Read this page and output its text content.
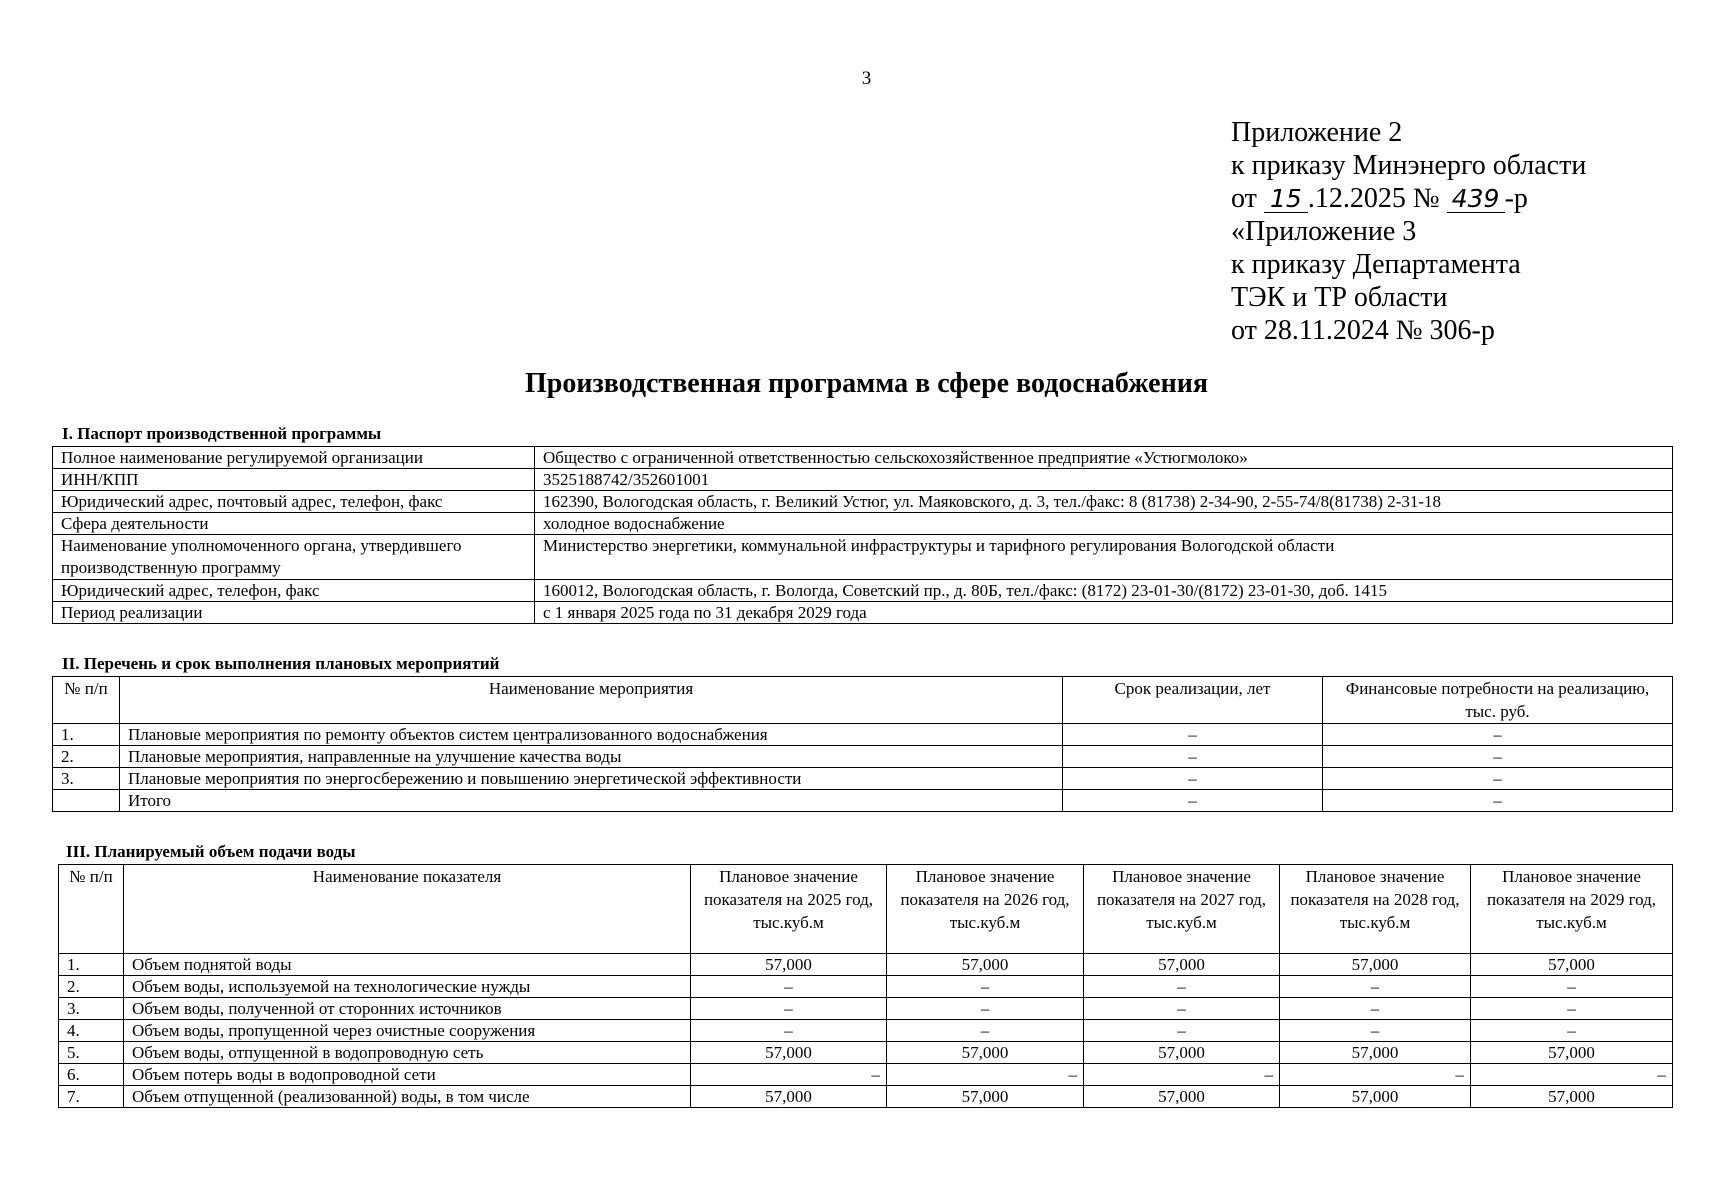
3
Приложение 2
к приказу Минэнерго области
от 15 .12.2025 № 439 -р
«Приложение 3
к приказу Департамента
ТЭК и ТР области
от 28.11.2024 № 306-р
Производственная программа в сфере водоснабжения
I. Паспорт производственной программы
Полное наименование регулируемой организации	Общество с ограниченной ответственностью сельскохозяйственное предприятие «Устюгмолоко»
ИНН/КПП	3525188742/352601001
Юридический адрес, почтовый адрес, телефон, факс	162390, Вологодская область, г. Великий Устюг, ул. Маяковского, д. 3, тел./факс: 8 (81738) 2-34-90, 2-55-74/8(81738) 2-31-18
Сфера деятельности	холодное водоснабжение
Наименование уполномоченного органа, утвердившего производственную программу	Министерство энергетики, коммунальной инфраструктуры и тарифного регулирования Вологодской области
Юридический адрес, телефон, факс	160012, Вологодская область, г. Вологда, Советский пр., д. 80Б, тел./факс: (8172) 23-01-30/(8172) 23-01-30, доб. 1415
Период реализации	с 1 января 2025 года по 31 декабря 2029 года
II. Перечень и срок выполнения плановых мероприятий
№ п/п	Наименование мероприятия	Срок реализации, лет	Финансовые потребности на реализацию, тыс. руб.
1.	Плановые мероприятия по ремонту объектов систем централизованного водоснабжения	–	–
2.	Плановые мероприятия, направленные на улучшение качества воды	–	–
3.	Плановые мероприятия по энергосбережению и повышению энергетической эффективности	–	–
	Итого	–	–
III. Планируемый объем подачи воды
№ п/п	Наименование показателя	Плановое значение показателя на 2025 год, тыс.куб.м	Плановое значение показателя на 2026 год, тыс.куб.м	Плановое значение показателя на 2027 год, тыс.куб.м	Плановое значение показателя на 2028 год, тыс.куб.м	Плановое значение показателя на 2029 год, тыс.куб.м
1.	Объем поднятой воды	57,000	57,000	57,000	57,000	57,000
2.	Объем воды, используемой на технологические нужды	–	–	–	–	–
3.	Объем воды, полученной от сторонних источников	–	–	–	–	–
4.	Объем воды, пропущенной через очистные сооружения	–	–	–	–	–
5.	Объем воды, отпущенной в водопроводную сеть	57,000	57,000	57,000	57,000	57,000
6.	Объем потерь воды в водопроводной сети	–	–	–	–	–
7.	Объем отпущенной (реализованной) воды, в том числе	57,000	57,000	57,000	57,000	57,000
